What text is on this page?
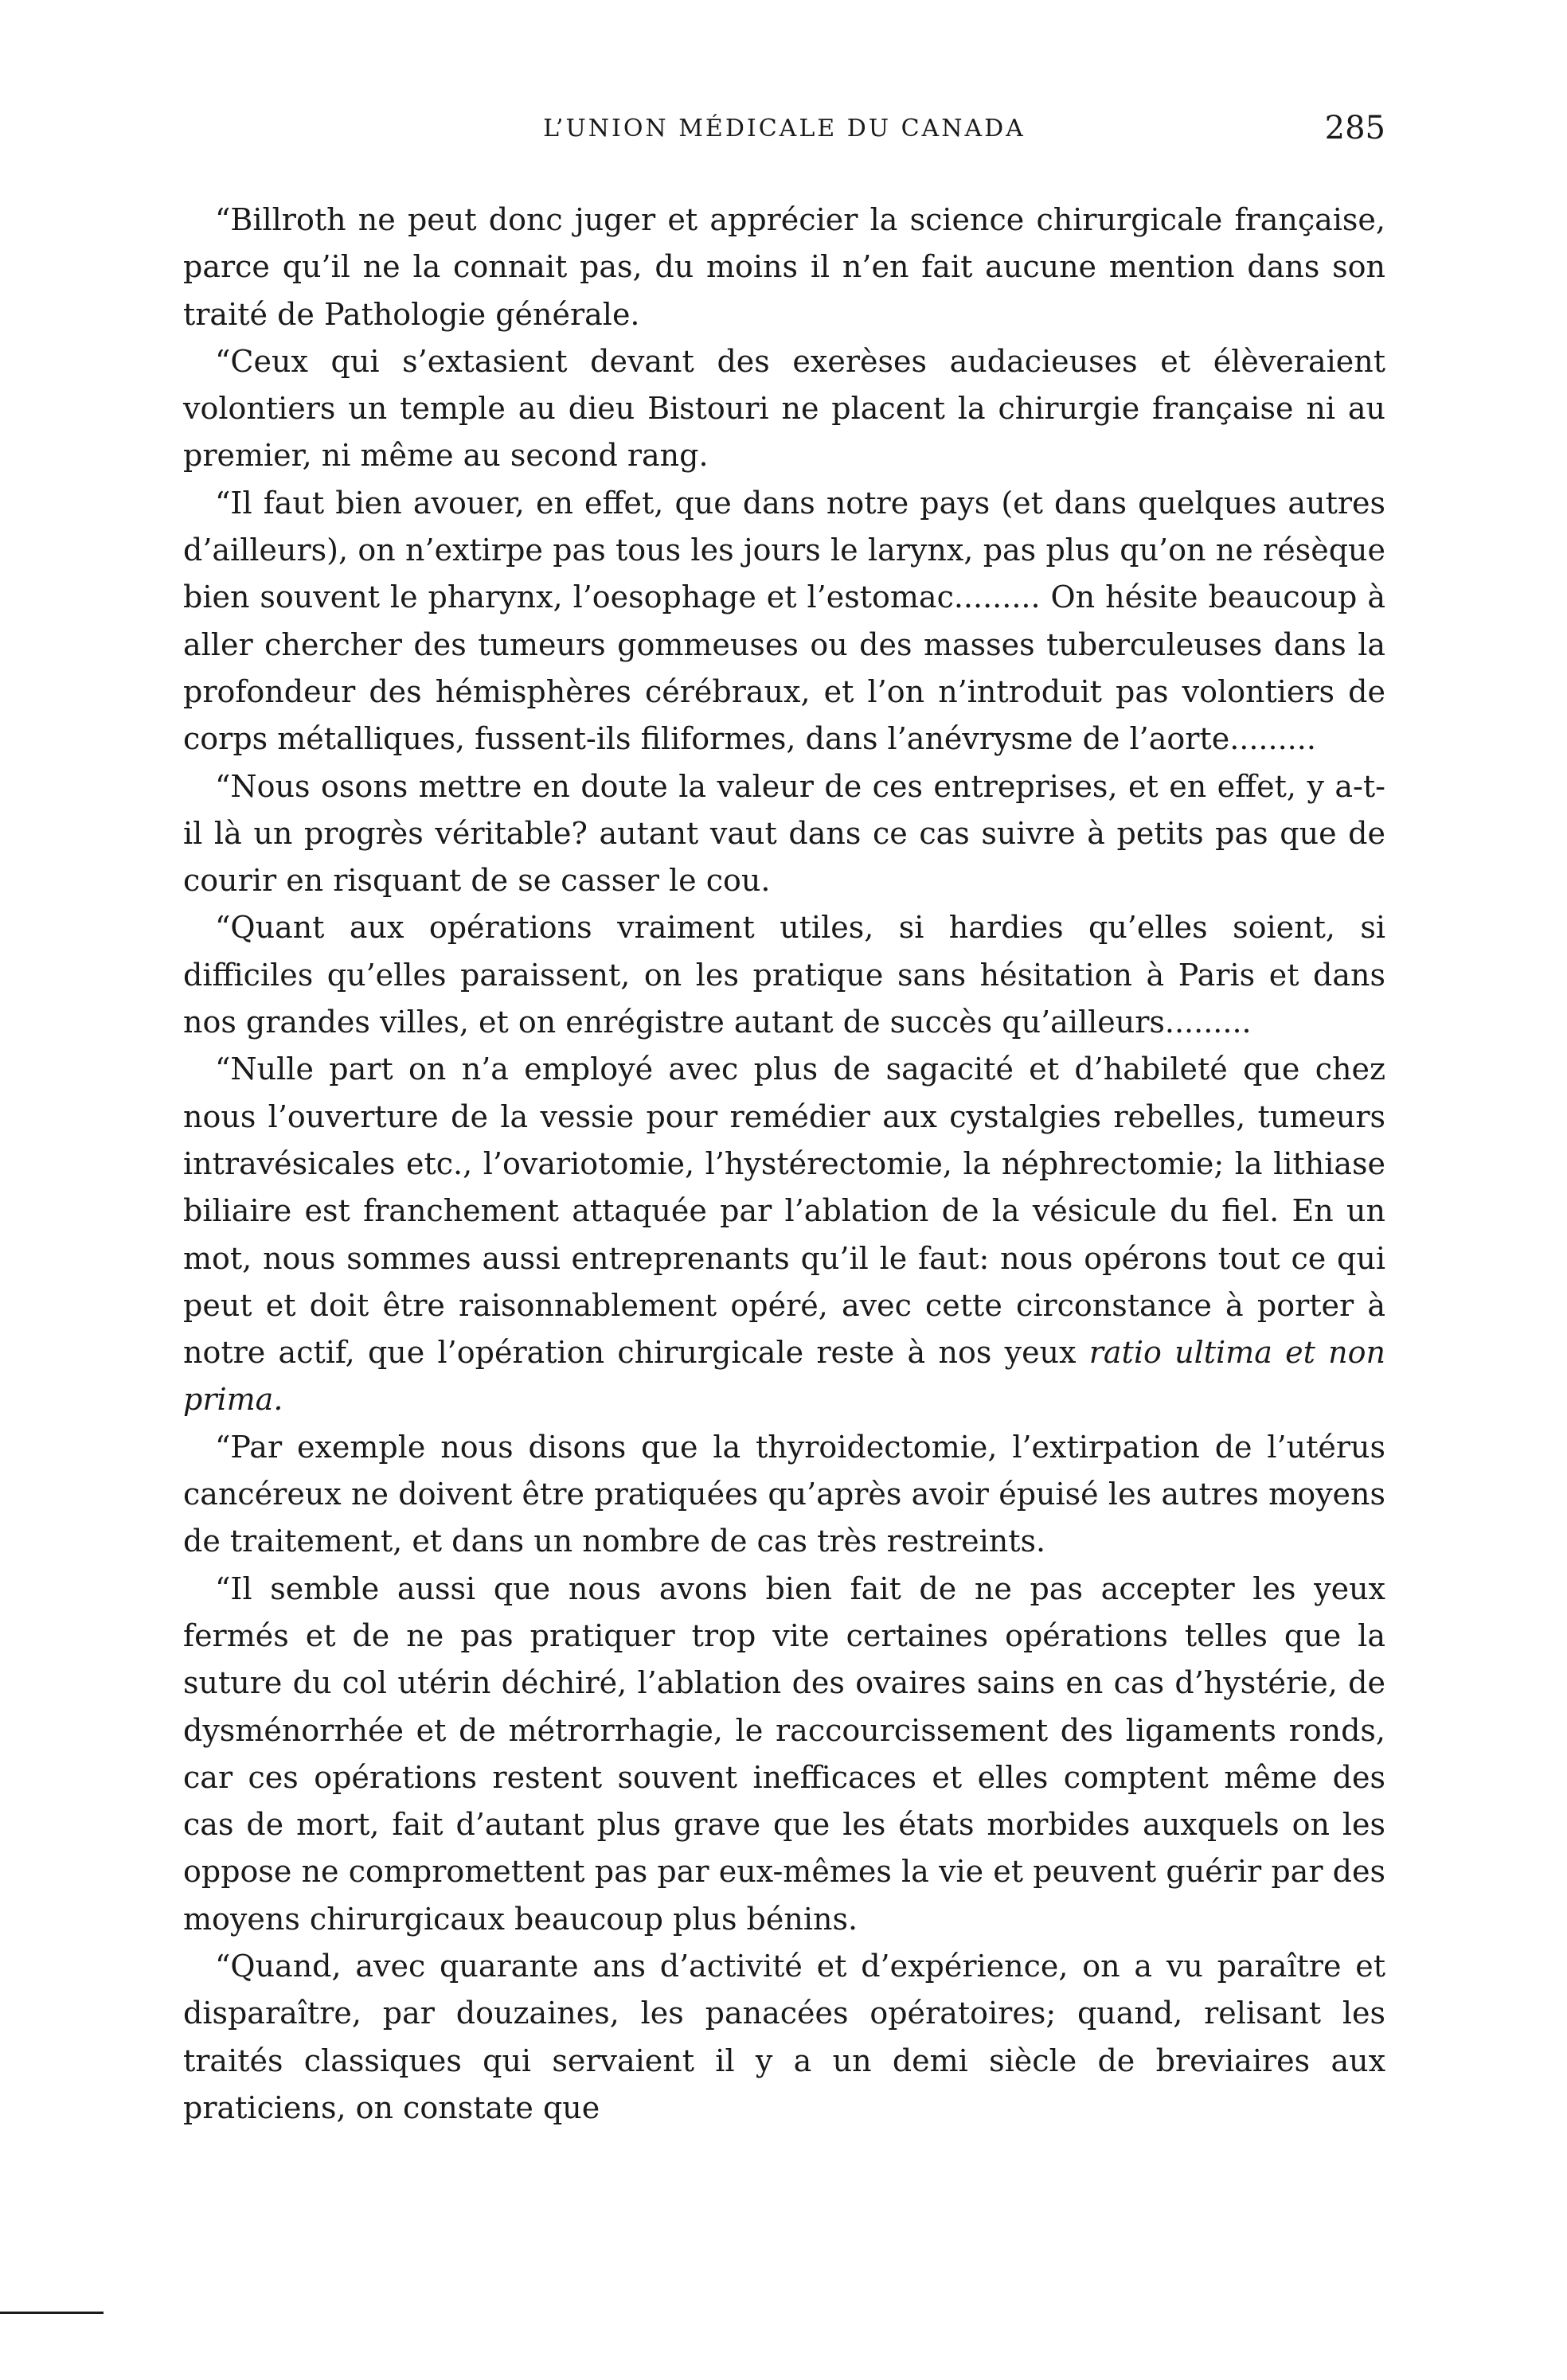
L’UNION MÉDICALE DU CANADA	285

“Billroth ne peut donc juger et apprécier la science chirurgicale française, parce qu’il ne la connait pas, du moins il n’en fait aucune mention dans son traité de Pathologie générale.

“Ceux qui s’extasient devant des exerèses audacieuses et élèveraient volontiers un temple au dieu Bistouri ne placent la chirurgie française ni au premier, ni même au second rang.

“Il faut bien avouer, en effet, que dans notre pays (et dans quelques autres d’ailleurs), on n’extirpe pas tous les jours le larynx, pas plus qu’on ne résèque bien souvent le pharynx, l’oesophage et l’estomac......... On hésite beaucoup à aller chercher des tumeurs gommeuses ou des masses tuberculeuses dans la profondeur des hémisphères cérébraux, et l’on n’introduit pas volontiers de corps métalliques, fussent-ils filiformes, dans l’anévrysme de l’aorte.........

“Nous osons mettre en doute la valeur de ces entreprises, et en effet, y a-t-il là un progrès véritable? autant vaut dans ce cas suivre à petits pas que de courir en risquant de se casser le cou.

“Quant aux opérations vraiment utiles, si hardies qu’elles soient, si difficiles qu’elles paraissent, on les pratique sans hésitation à Paris et dans nos grandes villes, et on enrégistre autant de succès qu’ailleurs.........

“Nulle part on n’a employé avec plus de sagacité et d’habileté que chez nous l’ouverture de la vessie pour remédier aux cystalgies rebelles, tumeurs intravésicales etc., l’ovariotomie, l’hystérectomie, la néphrectomie; la lithiase biliaire est franchement attaquée par l’ablation de la vésicule du fiel. En un mot, nous sommes aussi entreprenants qu’il le faut: nous opérons tout ce qui peut et doit être raisonnablement opéré, avec cette circonstance à porter à notre actif, que l’opération chirurgicale reste à nos yeux ratio ultima et non prima.

“Par exemple nous disons que la thyroidectomie, l’extirpation de l’utérus cancéreux ne doivent être pratiquées qu’après avoir épuisé les autres moyens de traitement, et dans un nombre de cas très restreints.

“Il semble aussi que nous avons bien fait de ne pas accepter les yeux fermés et de ne pas pratiquer trop vite certaines opérations telles que la suture du col utérin déchiré, l’ablation des ovaires sains en cas d’hystérie, de dysménorrhée et de métrorrhagie, le raccourcissement des ligaments ronds, car ces opérations restent souvent inefficaces et elles comptent même des cas de mort, fait d’autant plus grave que les états morbides auxquels on les oppose ne compromettent pas par eux-mêmes la vie et peuvent guérir par des moyens chirurgicaux beaucoup plus bénins.

“Quand, avec quarante ans d’activité et d’expérience, on a vu paraître et disparaître, par douzaines, les panacées opératoires; quand, relisant les traités classiques qui servaient il y a un demi siècle de breviaires aux praticiens, on constate que
